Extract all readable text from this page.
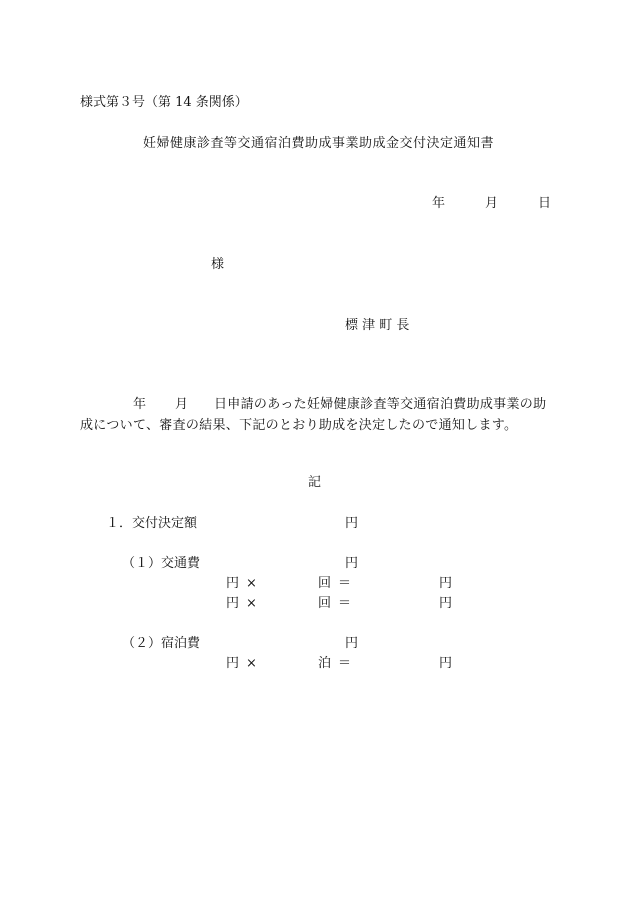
様式第３号（第 14 条関係）
妊婦健康診査等交通宿泊費助成事業助成金交付決定通知書
年	月	日
様
標 津 町 長
年 月 日申請のあった妊婦健康診査等交通宿泊費助成事業の助
成について、審査の結果、下記のとおり助成を決定したので通知します。
記
１．交付決定額	円
（１）交通費	円
円 ×	回 ＝	円
円 ×	回 ＝	円
（２）宿泊費	円
円 ×	泊 ＝	円
